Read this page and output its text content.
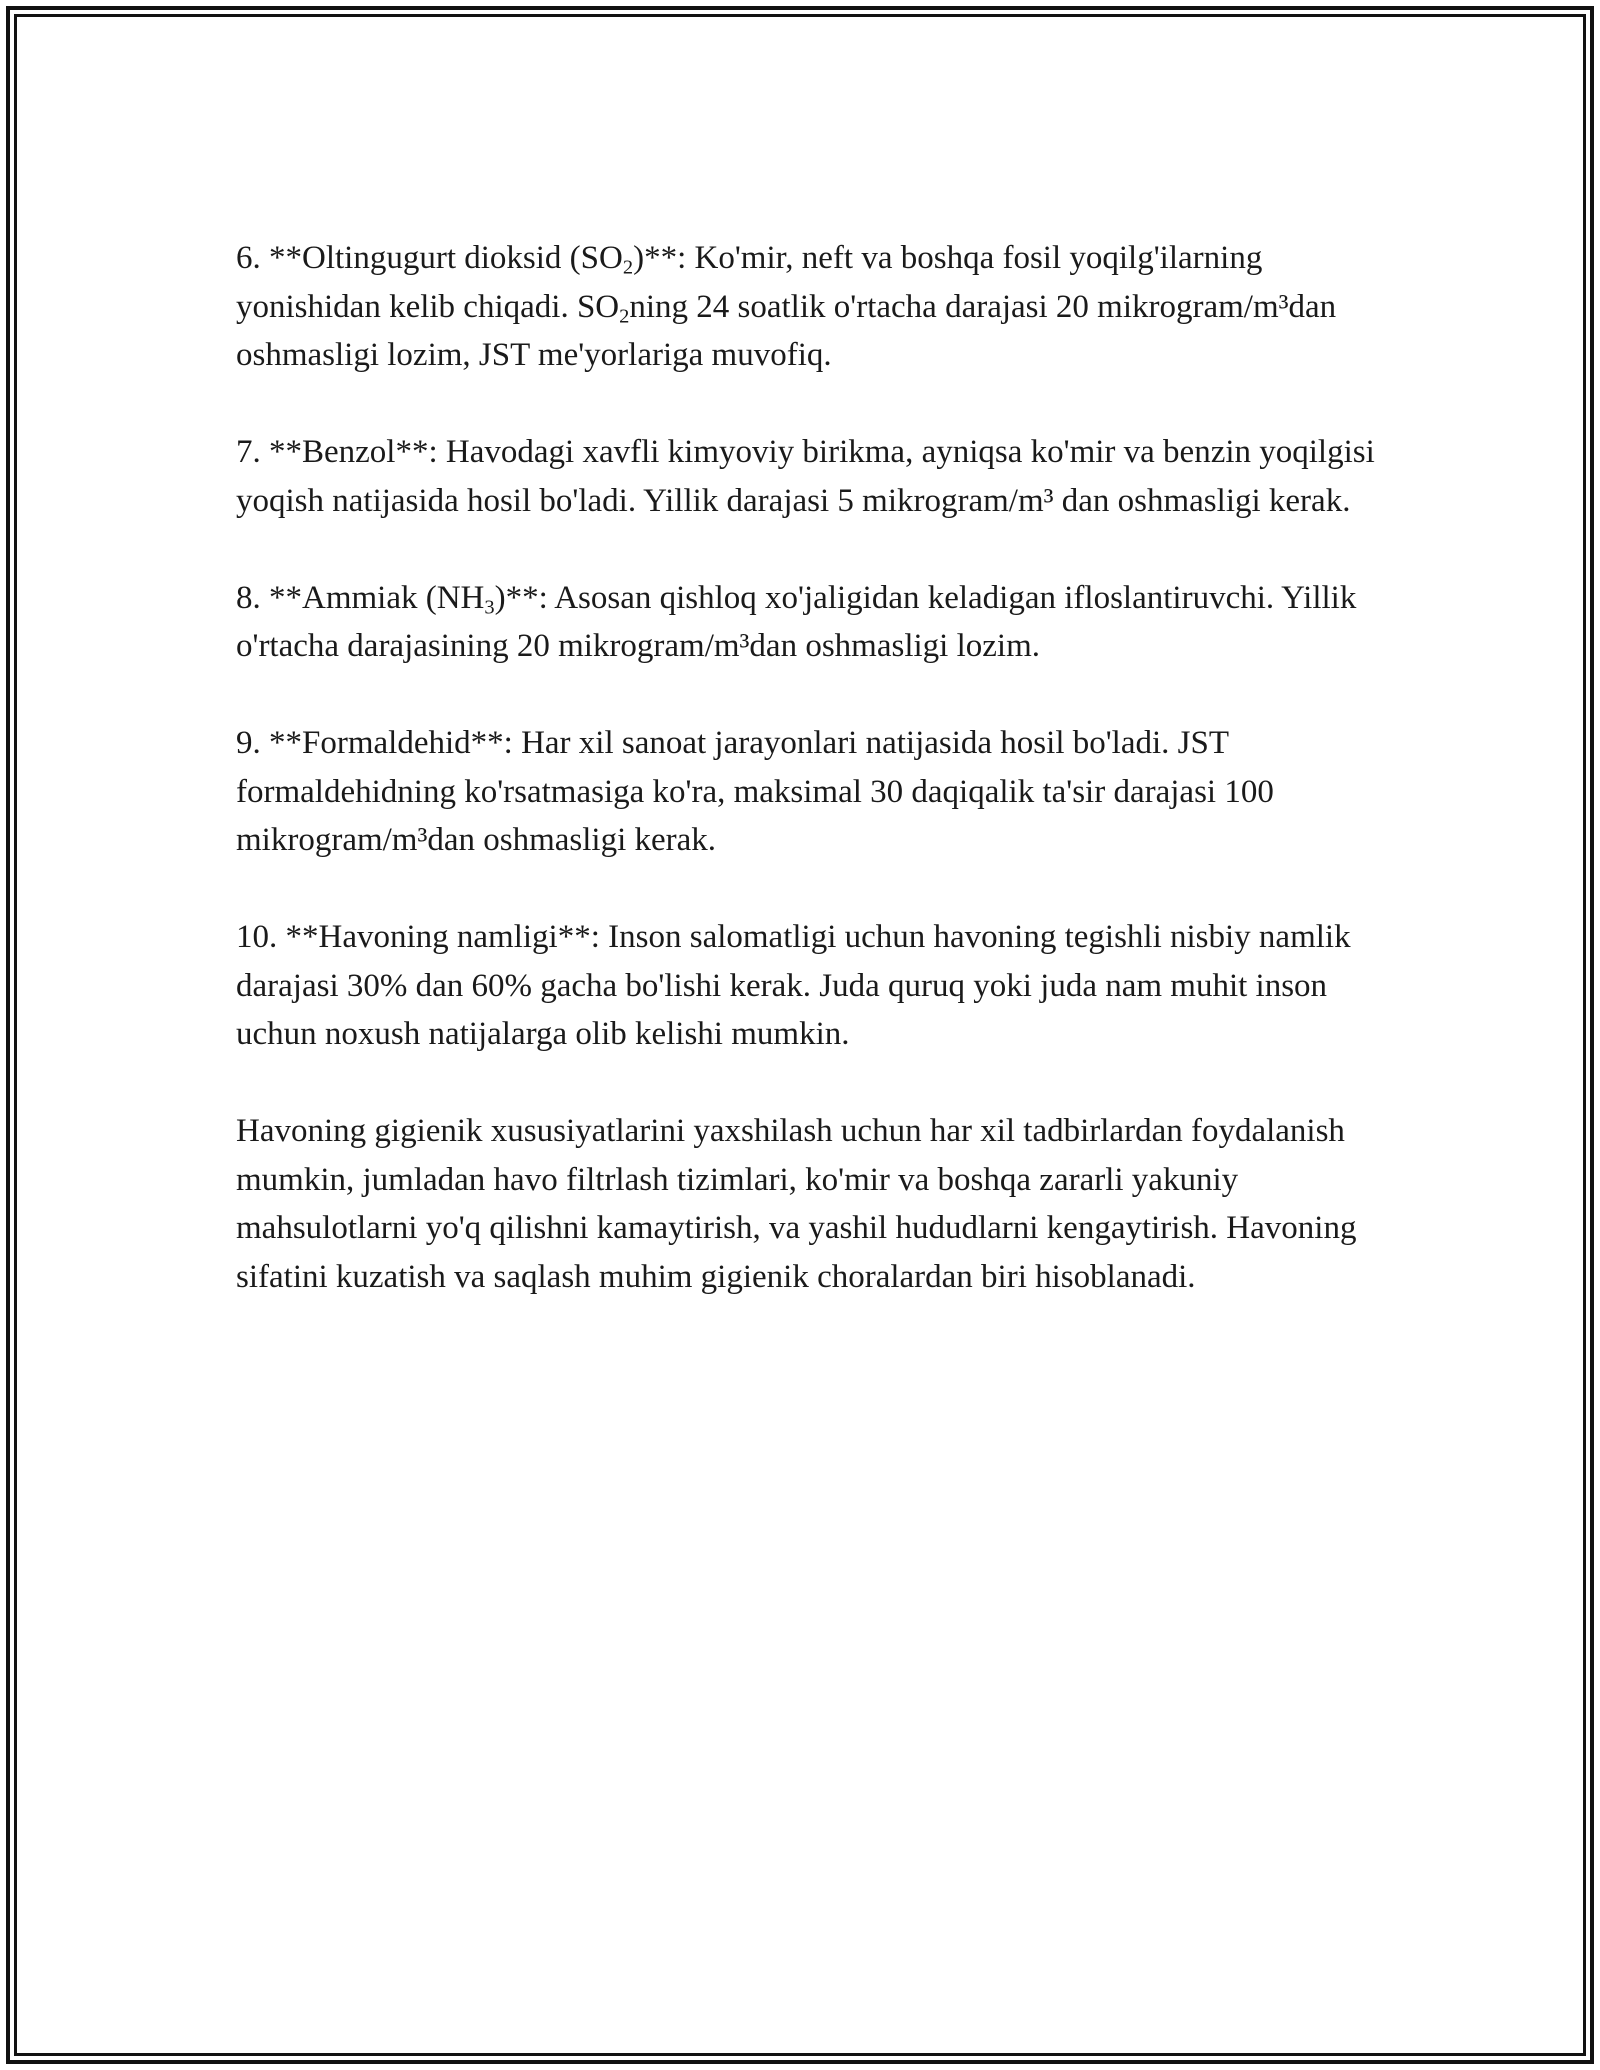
6. **Oltingugurt dioksid $(SO_2)**$: Ko'mir, neft va boshqa fosil yoqilg'ilarning yonishidan kelib chiqadi. $SO_2ning$ 24 soatlik o'rtacha darajasi 20 mikrogram/m³dan oshmasligi lozim, JST me'yorlariga muvofiq.

7. **Benzol**: Havodagi xavfli kimyoviy birikma, ayniqsa ko'mir va benzin yoqilgisi yoqish natijasida hosil bo'ladi. Yillik darajasi 5 mikrogram/m³ dan oshmasligi kerak.

8. **Ammiak $(NH_3)**$: Asosan qishloq xo'jaligidan keladigan ifloslantiruvchi. Yillik o'rtacha darajasining 20 mikrogram/m³dan oshmasligi lozim.

9. **Formaldehid**: Har xil sanoat jarayonlari natijasida hosil bo'ladi. JST formaldehidning ko'rsatmasiga ko'ra, maksimal 30 daqiqalik ta'sir darajasi 100 mikrogram/m³dan oshmasligi kerak.

10. **Havoning namligi**: Inson salomatligi uchun havoning tegishli nisbiy namlik darajasi 30% dan 60% gacha bo'lishi kerak. Juda quruq yoki juda nam muhit inson uchun noxush natijalarga olib kelishi mumkin.

Havoning gigienik xususiyatlarini yaxshilash uchun har xil tadbirlardan foydalanish mumkin, jumladan havo filtrlash tizimlari, ko'mir va boshqa zararli yakuniy mahsulotlarni yo'q qilishni kamaytirish, va yashil hududlarni kengaytirish. Havoning sifatini kuzatish va saqlash muhim gigienik choralardan biri hisoblanadi.
